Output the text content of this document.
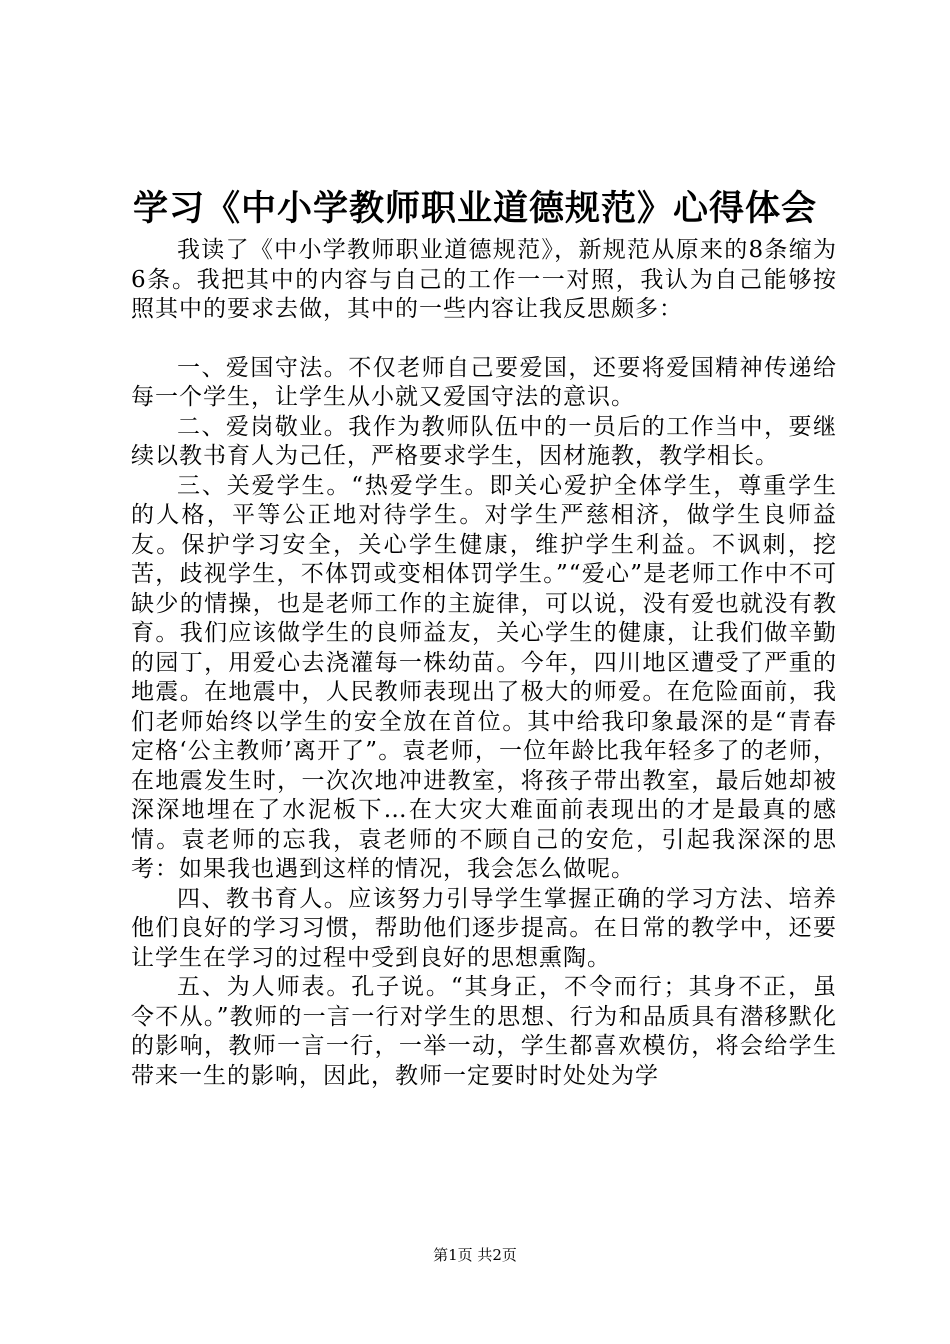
学习《中小学教师职业道德规范》心得体会

我读了《中小学教师职业道德规范》，新规范从原来的8条缩为6条。我把其中的内容与自己的工作一一对照，我认为自己能够按照其中的要求去做，其中的一些内容让我反思颇多：

一、爱国守法。不仅老师自己要爱国，还要将爱国精神传递给每一个学生，让学生从小就又爱国守法的意识。

二、爱岗敬业。我作为教师队伍中的一员后的工作当中，要继续以教书育人为己任，严格要求学生，因材施教，教学相长。

三、关爱学生。“热爱学生。即关心爱护全体学生，尊重学生的人格，平等公正地对待学生。对学生严慈相济，做学生良师益友。保护学习安全，关心学生健康，维护学生利益。不讽刺，挖苦，歧视学生，不体罚或变相体罚学生。”“爱心”是老师工作中不可缺少的情操，也是老师工作的主旋律，可以说，没有爱也就没有教育。我们应该做学生的良师益友，关心学生的健康，让我们做辛勤的园丁，用爱心去浇灌每一株幼苗。今年，四川地区遭受了严重的地震。在地震中，人民教师表现出了极大的师爱。在危险面前，我们老师始终以学生的安全放在首位。其中给我印象最深的是“青春定格‘公主教师’离开了”。袁老师，一位年龄比我年轻多了的老师，在地震发生时，一次次地冲进教室，将孩子带出教室，最后她却被深深地埋在了水泥板下…在大灾大难面前表现出的才是最真的感情。袁老师的忘我，袁老师的不顾自己的安危，引起我深深的思考：如果我也遇到这样的情况，我会怎么做呢。

四、教书育人。应该努力引导学生掌握正确的学习方法、培养他们良好的学习习惯，帮助他们逐步提高。在日常的教学中，还要让学生在学习的过程中受到良好的思想熏陶。

五、为人师表。孔子说。“其身正，不令而行；其身不正，虽令不从。”教师的一言一行对学生的思想、行为和品质具有潜移默化的影响，教师一言一行，一举一动，学生都喜欢模仿，将会给学生带来一生的影响，因此，教师一定要时时处处为学

第1页 共2页
